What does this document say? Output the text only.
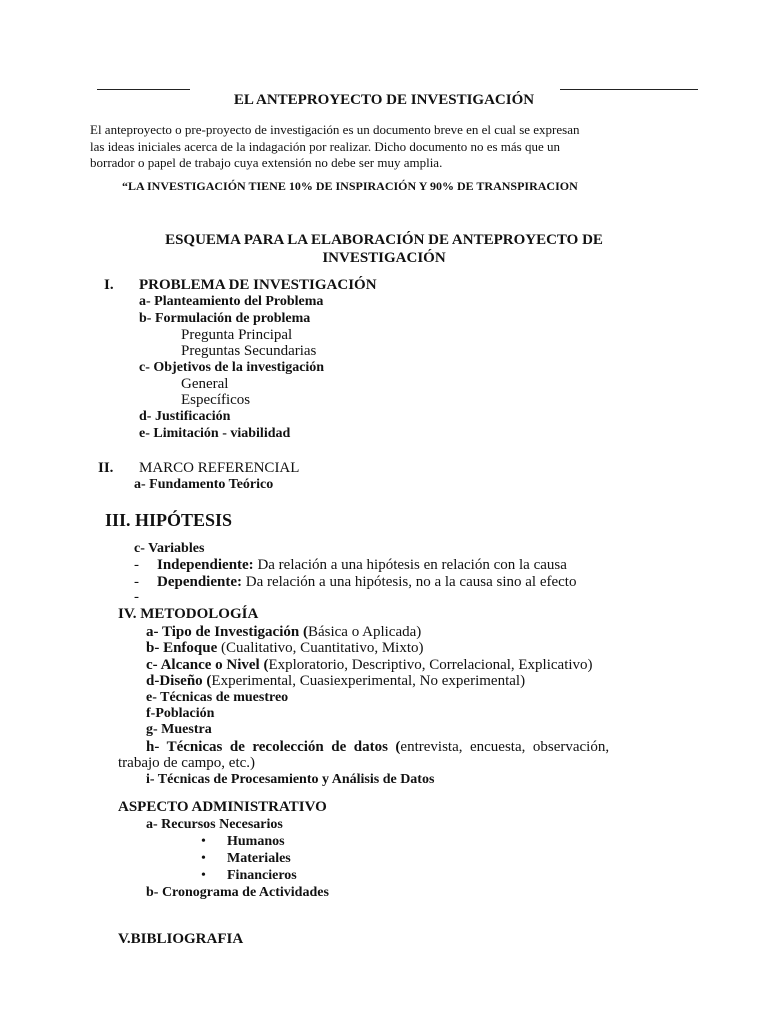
EL ANTEPROYECTO DE INVESTIGACIÓN
El anteproyecto o pre-proyecto de investigación es un documento breve en el cual se expresan
las ideas iniciales acerca de la indagación por realizar. Dicho documento no es más que un
borrador o papel de trabajo cuya extensión no debe ser muy amplia.
“LA INVESTIGACIÓN TIENE 10% DE INSPIRACIÓN Y 90% DE TRANSPIRACION
ESQUEMA PARA LA ELABORACIÓN DE ANTEPROYECTO DE
INVESTIGACIÓN
I. PROBLEMA DE INVESTIGACIÓN
a- Planteamiento del Problema
b- Formulación de problema
Pregunta Principal
Preguntas Secundarias
c- Objetivos de la investigación
General
Específicos
d- Justificación
e- Limitación - viabilidad
II. MARCO REFERENCIAL
a- Fundamento Teórico
III. HIPÓTESIS
c- Variables
- Independiente: Da relación a una hipótesis en relación con la causa
- Dependiente: Da relación a una hipótesis, no a la causa sino al efecto
-
IV. METODOLOGÍA
a- Tipo de Investigación (Básica o Aplicada)
b- Enfoque (Cualitativo, Cuantitativo, Mixto)
c- Alcance o Nivel (Exploratorio, Descriptivo, Correlacional, Explicativo)
d-Diseño (Experimental, Cuasiexperimental, No experimental)
e- Técnicas de muestreo
f-Población
g- Muestra
h-  Técnicas  de  recolección  de  datos  (entrevista,  encuesta,  observación,
trabajo de campo, etc.)
i- Técnicas de Procesamiento y Análisis de Datos
ASPECTO ADMINISTRATIVO
a- Recursos Necesarios
• Humanos
• Materiales
• Financieros
b- Cronograma de Actividades
V.BIBLIOGRAFIA
